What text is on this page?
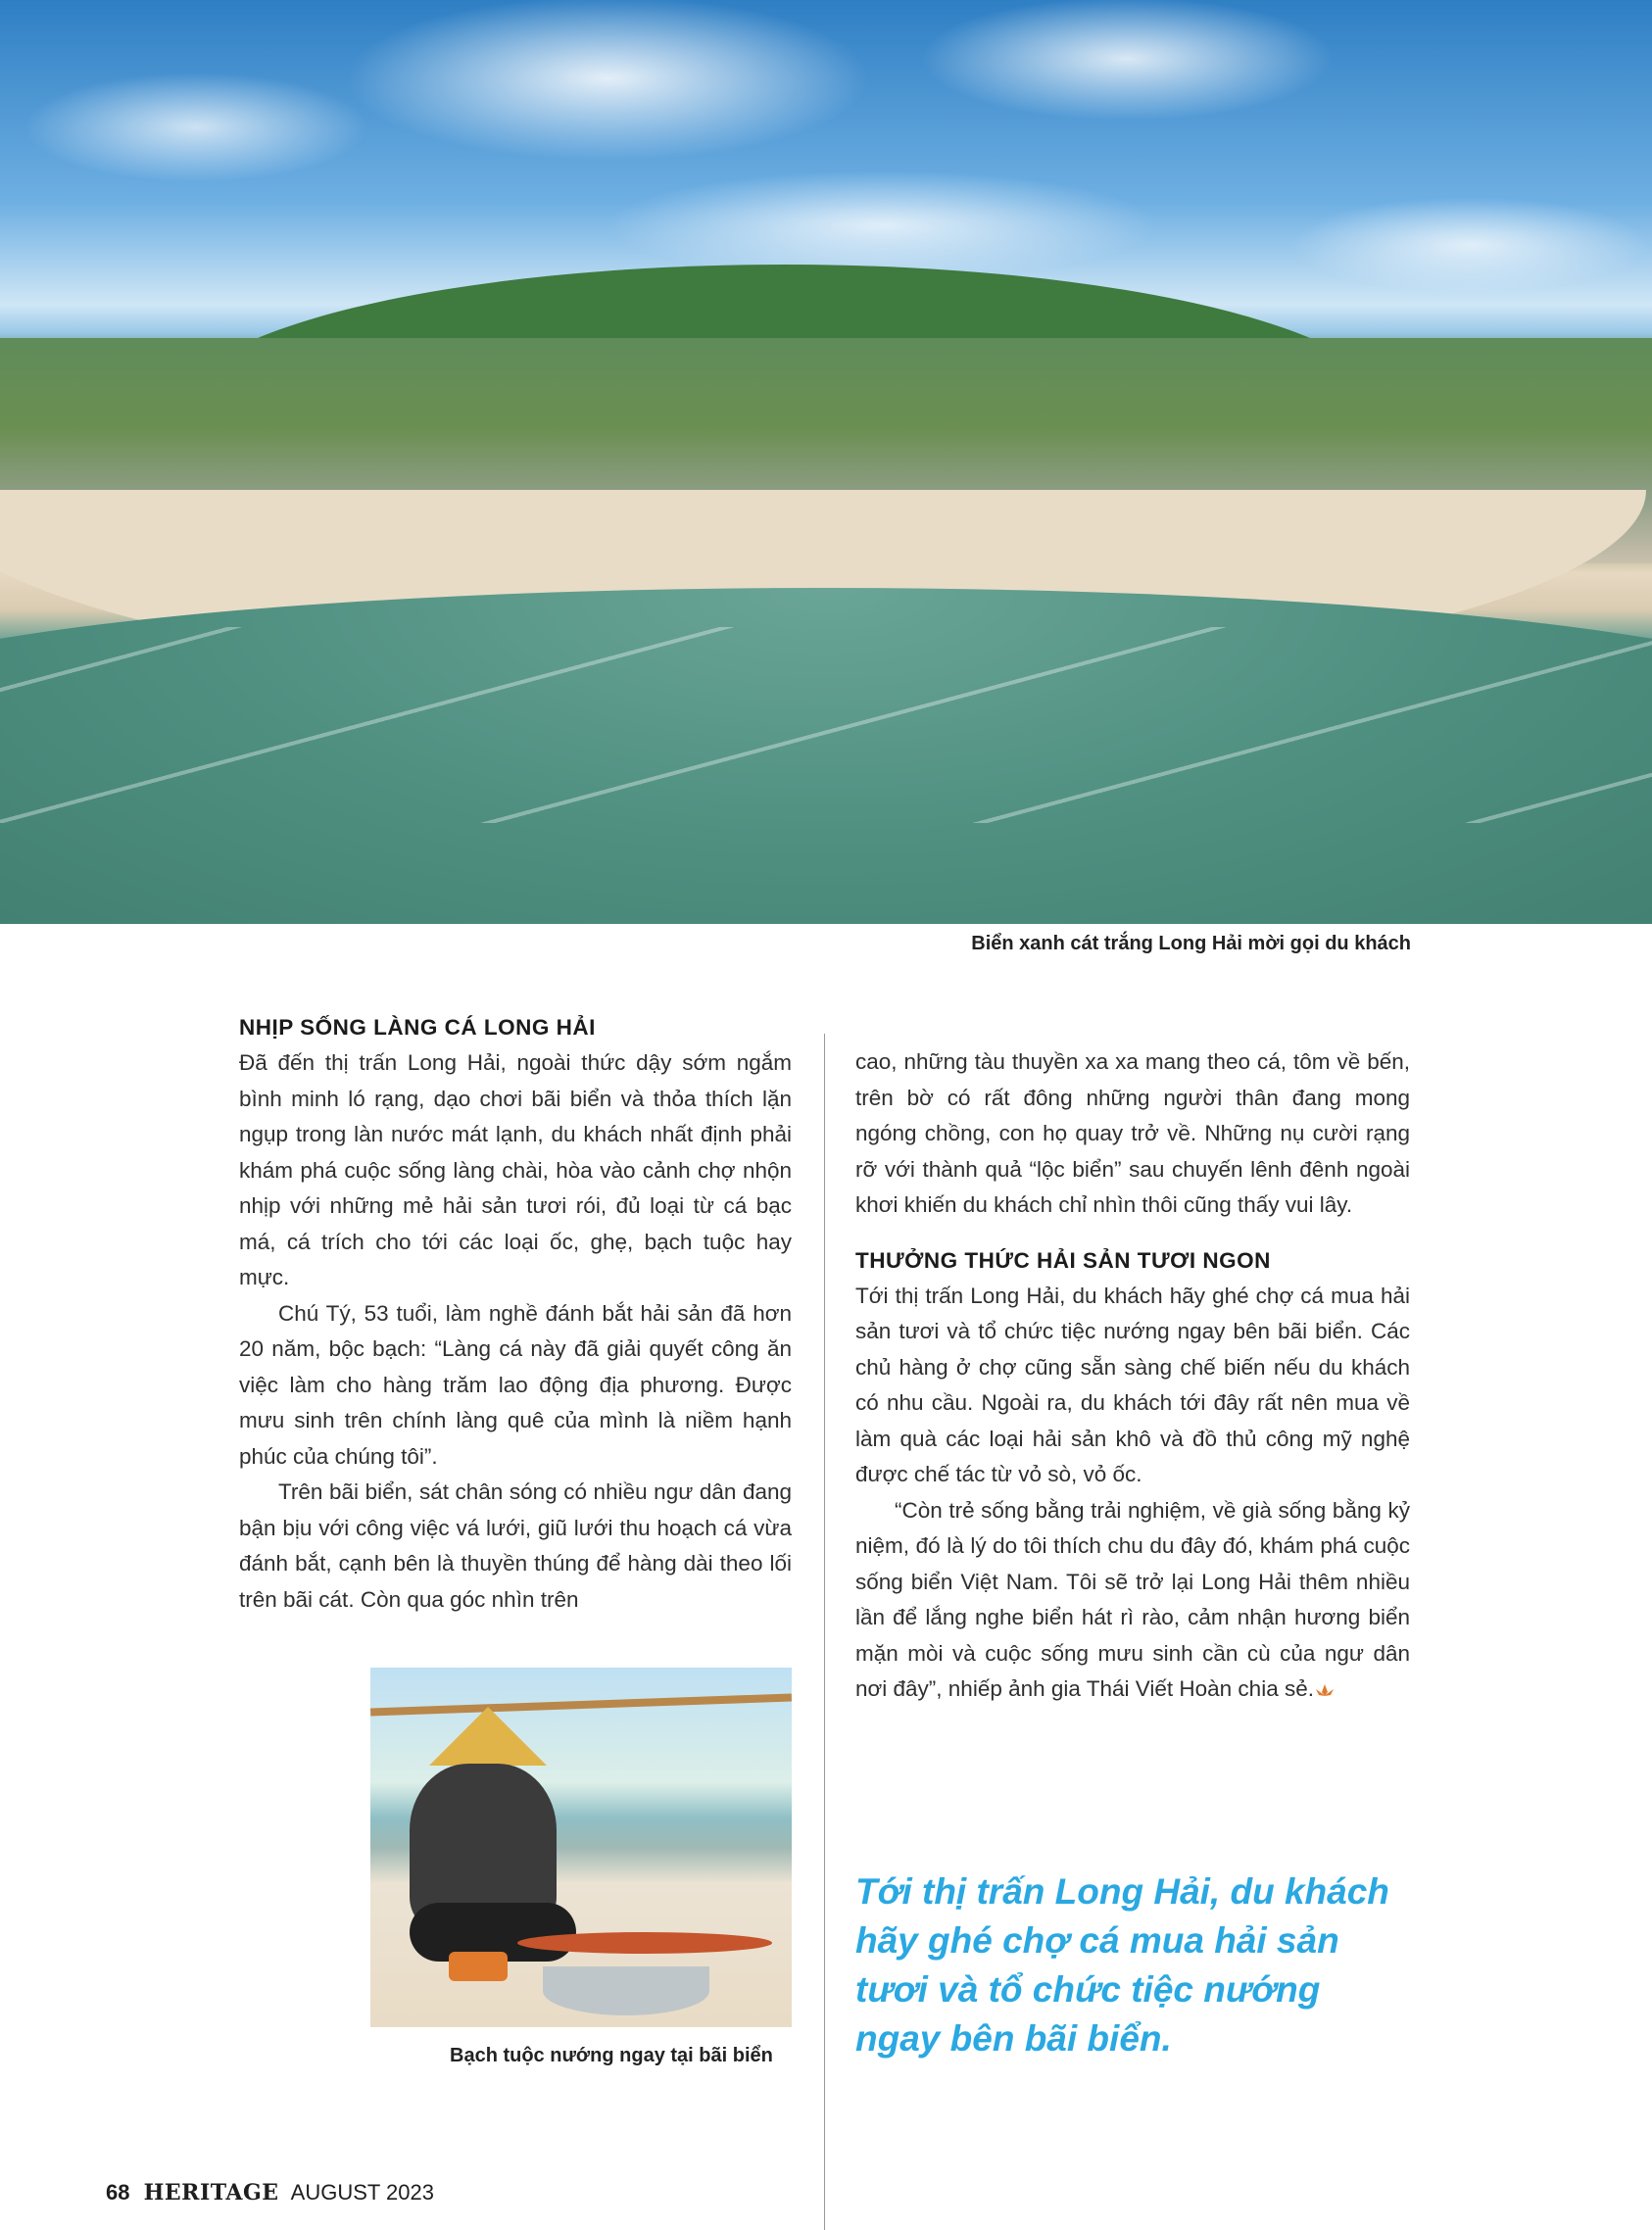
Biển xanh cát trắng Long Hải mời gọi du khách
NHỊP SỐNG LÀNG CÁ LONG HẢI

Đã đến thị trấn Long Hải, ngoài thức dậy sớm ngắm bình minh ló rạng, dạo chơi bãi biển và thỏa thích lặn ngụp trong làn nước mát lạnh, du khách nhất định phải khám phá cuộc sống làng chài, hòa vào cảnh chợ nhộn nhịp với những mẻ hải sản tươi rói, đủ loại từ cá bạc má, cá trích cho tới các loại ốc, ghẹ, bạch tuộc hay mực.

Chú Tý, 53 tuổi, làm nghề đánh bắt hải sản đã hơn 20 năm, bộc bạch: “Làng cá này đã giải quyết công ăn việc làm cho hàng trăm lao động địa phương. Được mưu sinh trên chính làng quê của mình là niềm hạnh phúc của chúng tôi”.

Trên bãi biển, sát chân sóng có nhiều ngư dân đang bận bịu với công việc vá lưới, giũ lưới thu hoạch cá vừa đánh bắt, cạnh bên là thuyền thúng để hàng dài theo lối trên bãi cát. Còn qua góc nhìn trên

cao, những tàu thuyền xa xa mang theo cá, tôm về bến, trên bờ có rất đông những người thân đang mong ngóng chồng, con họ quay trở về. Những nụ cười rạng rỡ với thành quả “lộc biển” sau chuyến lênh đênh ngoài khơi khiến du khách chỉ nhìn thôi cũng thấy vui lây.

THƯỞNG THỨC HẢI SẢN TƯƠI NGON

Tới thị trấn Long Hải, du khách hãy ghé chợ cá mua hải sản tươi và tổ chức tiệc nướng ngay bên bãi biển. Các chủ hàng ở chợ cũng sẵn sàng chế biến nếu du khách có nhu cầu. Ngoài ra, du khách tới đây rất nên mua về làm quà các loại hải sản khô và đồ thủ công mỹ nghệ được chế tác từ vỏ sò, vỏ ốc.

“Còn trẻ sống bằng trải nghiệm, về già sống bằng kỷ niệm, đó là lý do tôi thích chu du đây đó, khám phá cuộc sống biển Việt Nam. Tôi sẽ trở lại Long Hải thêm nhiều lần để lắng nghe biển hát rì rào, cảm nhận hương biển mặn mòi và cuộc sống mưu sinh cần cù của ngư dân nơi đây”, nhiếp ảnh gia Thái Viết Hoàn chia sẻ.

Bạch tuộc nướng ngay tại bãi biển

Tới thị trấn Long Hải, du khách hãy ghé chợ cá mua hải sản tươi và tổ chức tiệc nướng ngay bên bãi biển.

68 HERITAGE AUGUST 2023
